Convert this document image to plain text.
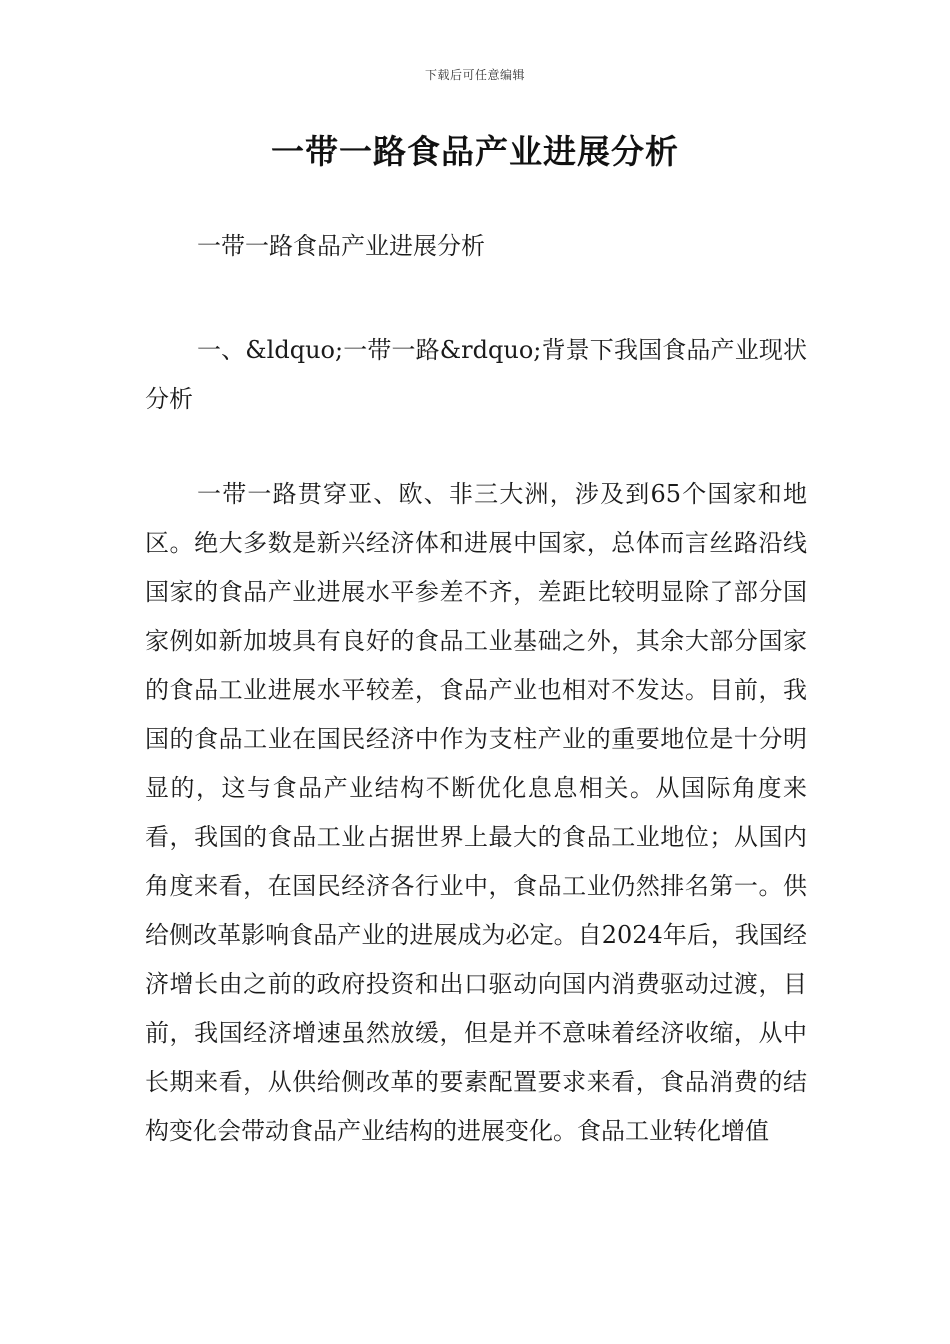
下载后可任意编辑
一带一路食品产业进展分析

一带一路食品产业进展分析

一、&ldquo;一带一路&rdquo;背景下我国食品产业现状分析

一带一路贯穿亚、欧、非三大洲，涉及到65个国家和地区。绝大多数是新兴经济体和进展中国家，总体而言丝路沿线国家的食品产业进展水平参差不齐，差距比较明显除了部分国家例如新加坡具有良好的食品工业基础之外，其余大部分国家的食品工业进展水平较差，食品产业也相对不发达。目前，我国的食品工业在国民经济中作为支柱产业的重要地位是十分明显的，这与食品产业结构不断优化息息相关。从国际角度来看，我国的食品工业占据世界上最大的食品工业地位；从国内角度来看，在国民经济各行业中，食品工业仍然排名第一。供给侧改革影响食品产业的进展成为必定。自2024年后，我国经济增长由之前的政府投资和出口驱动向国内消费驱动过渡，目前，我国经济增速虽然放缓，但是并不意味着经济收缩，从中长期来看，从供给侧改革的要素配置要求来看，食品消费的结构变化会带动食品产业结构的进展变化。食品工业转化增值
